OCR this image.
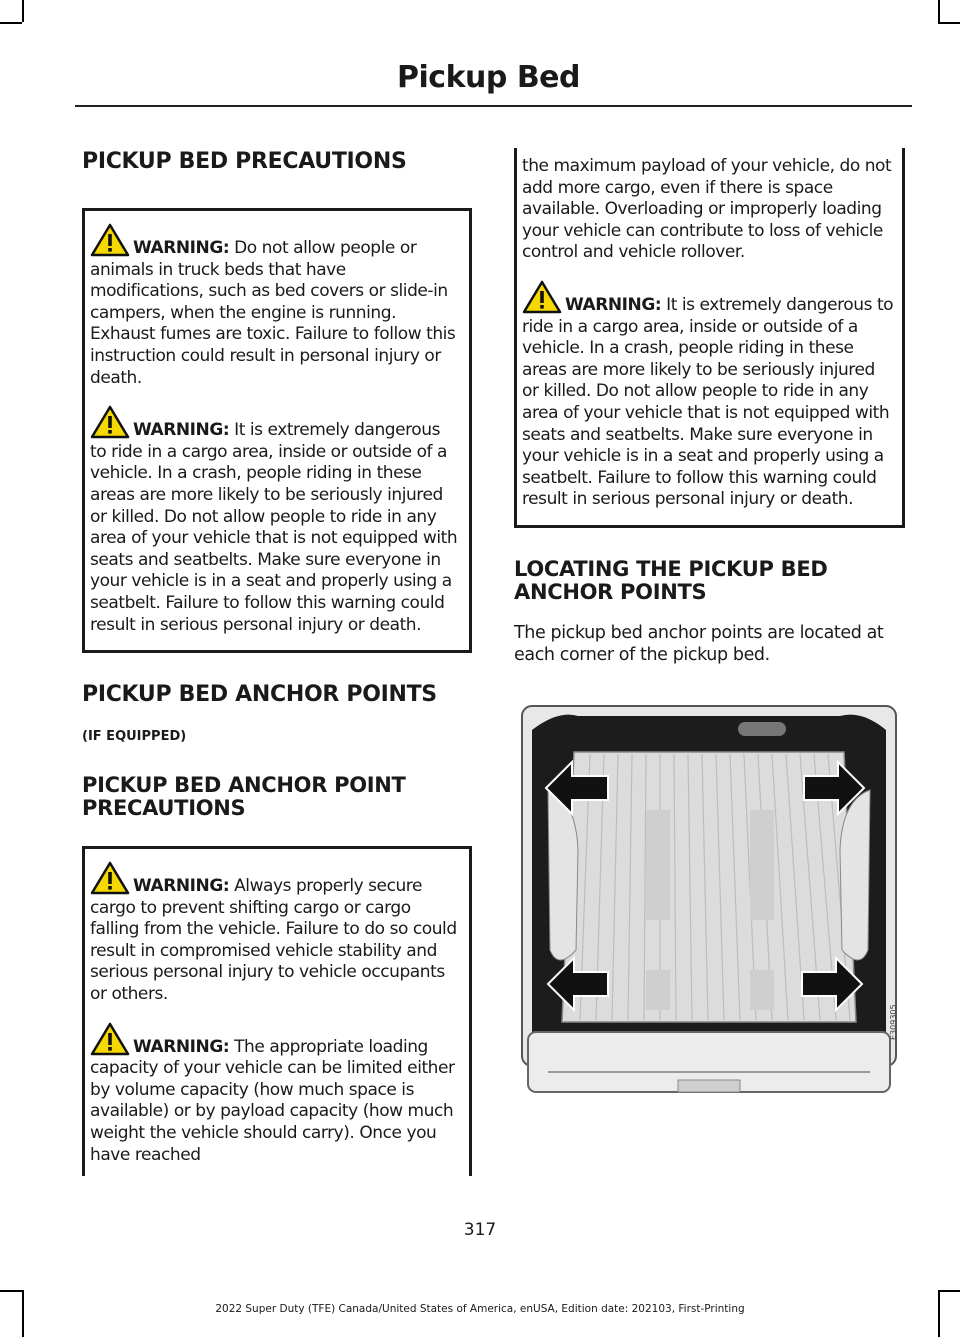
Pickup Bed
PICKUP BED PRECAUTIONS
WARNING: Do not allow people or animals in truck beds that have modifications, such as bed covers or slide-in campers, when the engine is running. Exhaust fumes are toxic. Failure to follow this instruction could result in personal injury or death.
WARNING: It is extremely dangerous to ride in a cargo area, inside or outside of a vehicle. In a crash, people riding in these areas are more likely to be seriously injured or killed. Do not allow people to ride in any area of your vehicle that is not equipped with seats and seatbelts. Make sure everyone in your vehicle is in a seat and properly using a seatbelt. Failure to follow this warning could result in serious personal injury or death.
PICKUP BED ANCHOR POINTS
(IF EQUIPPED)
PICKUP BED ANCHOR POINT PRECAUTIONS
WARNING: Always properly secure cargo to prevent shifting cargo or cargo falling from the vehicle. Failure to do so could result in compromised vehicle stability and serious personal injury to vehicle occupants or others.
WARNING: The appropriate loading capacity of your vehicle can be limited either by volume capacity (how much space is available) or by payload capacity (how much weight the vehicle should carry). Once you have reached
the maximum payload of your vehicle, do not add more cargo, even if there is space available. Overloading or improperly loading your vehicle can contribute to loss of vehicle control and vehicle rollover.
WARNING: It is extremely dangerous to ride in a cargo area, inside or outside of a vehicle. In a crash, people riding in these areas are more likely to be seriously injured or killed. Do not allow people to ride in any area of your vehicle that is not equipped with seats and seatbelts. Make sure everyone in your vehicle is in a seat and properly using a seatbelt. Failure to follow this warning could result in serious personal injury or death.
LOCATING THE PICKUP BED ANCHOR POINTS

The pickup bed anchor points are located at each corner of the pickup bed.

E309305
317
2022 Super Duty (TFE) Canada/United States of America, enUSA, Edition date: 202103, First-Printing
